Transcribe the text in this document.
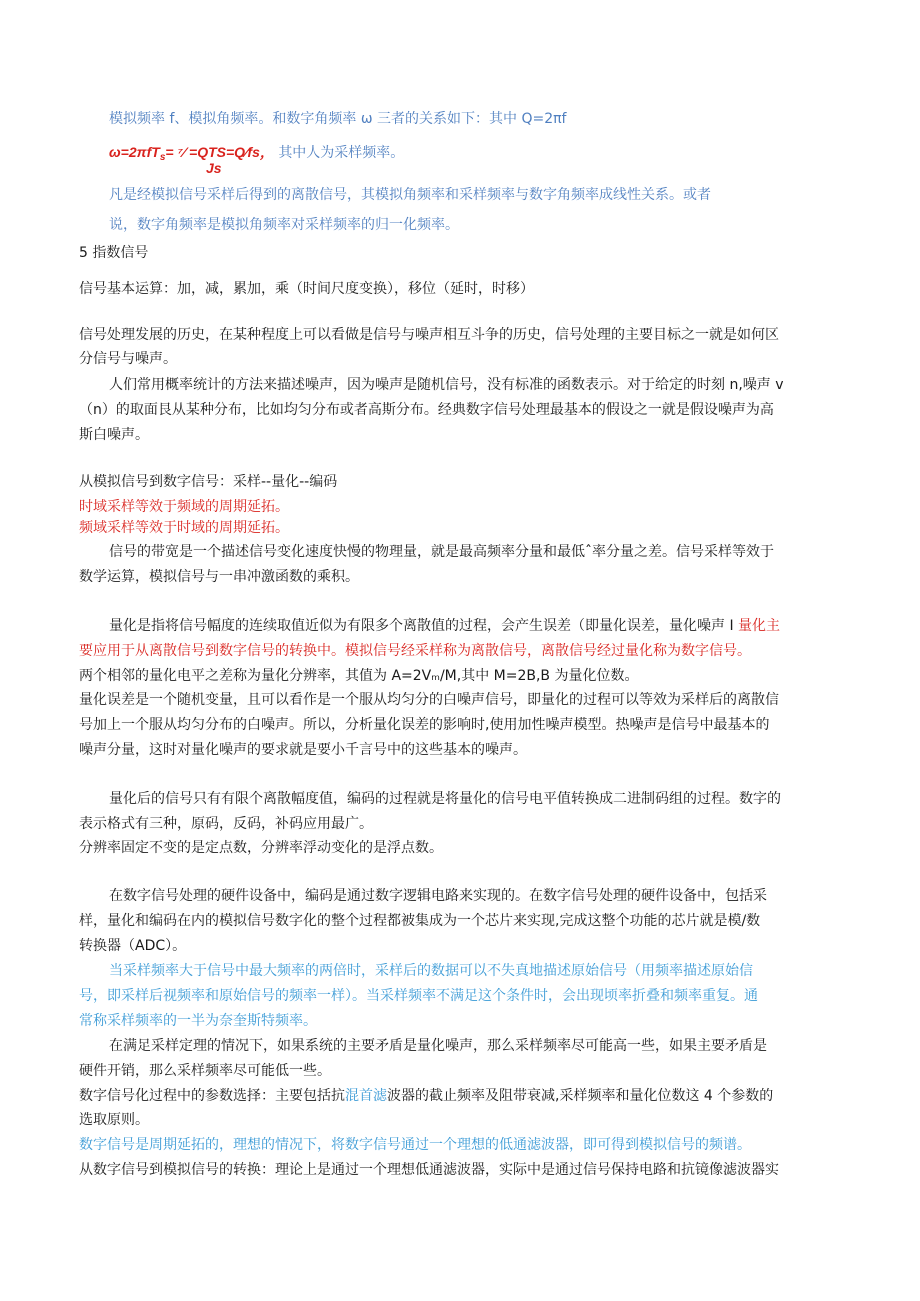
模拟频率 f、模拟角频率。和数字角频率 ω 三者的关系如下：其中 Q=2πf
ω=2πfT$_s$= ⁷⁄ =QTS=Q⁄fs， 其中人为采样频率。
Js
凡是经模拟信号采样后得到的离散信号，其模拟角频率和采样频率与数字角频率成线性关系。或者
说，数字角频率是模拟角频率对采样频率的归一化频率。
5 指数信号
信号基本运算：加，减，累加，乘（时间尺度变换），移位（延时，时移）
信号处理发展的历史，在某种程度上可以看做是信号与噪声相互斗争的历史，信号处理的主要目标之一就是如何区
分信号与噪声。
人们常用概率统计的方法来描述噪声，因为噪声是随机信号，没有标准的函数表示。对于给定的时刻 n,噪声 v
（n）的取面艮从某种分布，比如均匀分布或者高斯分布。经典数字信号处理最基本的假设之一就是假设噪声为高
斯白噪声。
从模拟信号到数字信号：采样--量化--编码
时域采样等效于频域的周期延拓。
频域采样等效于时域的周期延拓。
信号的带宽是一个描述信号变化速度快慢的物理量，就是最高频率分量和最低ˆ率分量之差。信号采样等效于
数学运算，模拟信号与一串冲激函数的乘积。
量化是指将信号幅度的连续取值近似为有限多个离散值的过程，会产生误差（即量化误差，量化噪声 I 量化主
要应用于从离散信号到数字信号的转换中。模拟信号经采样称为离散信号，离散信号经过量化称为数字信号。
两个相邻的量化电平之差称为量化分辨率，其值为 A=2Vₘ/M,其中 M=2B,B 为量化位数。
量化误差是一个随机变量，且可以看作是一个服从均匀分的白噪声信号，即量化的过程可以等效为采样后的离散信
号加上一个服从均匀分布的白噪声。所以，分析量化误差的影响时,使用加性噪声模型。热噪声是信号中最基本的
噪声分量，这时对量化噪声的要求就是要小千言号中的这些基本的噪声。
量化后的信号只有有限个离散幅度值，编码的过程就是将量化的信号电平值转换成二进制码组的过程。数字的
表示格式有三种，原码，反码，补码应用最广。
分辨率固定不变的是定点数，分辨率浮动变化的是浮点数。
在数字信号处理的硬件设备中，编码是通过数字逻辑电路来实现的。在数字信号处理的硬件设备中，包括采
样，量化和编码在内的模拟信号数字化的整个过程都被集成为一个芯片来实现,完成这整个功能的芯片就是模/数
转换器（ADC）。
当采样频率大于信号中最大频率的两倍时，采样后的数据可以不失真地描述原始信号（用频率描述原始信
号，即采样后视频率和原始信号的频率一样）。当采样频率不满足这个条件时，会出现顷率折叠和频率重复。通
常称采样频率的一半为奈奎斯特频率。
在满足采样定理的情况下，如果系统的主要矛盾是量化噪声，那么采样频率尽可能高一些，如果主要矛盾是
硬件开销，那么采样频率尽可能低一些。
数字信号化过程中的参数选择：主要包括抗混首滤波器的截止频率及阻带衰减,采样频率和量化位数这 4 个参数的
选取原则。
数字信号是周期延拓的，理想的情况下，将数字信号通过一个理想的低通滤波器，即可得到模拟信号的频谱。
从数字信号到模拟信号的转换：理论上是通过一个理想低通滤波器，实际中是通过信号保持电路和抗镜像滤波器实
